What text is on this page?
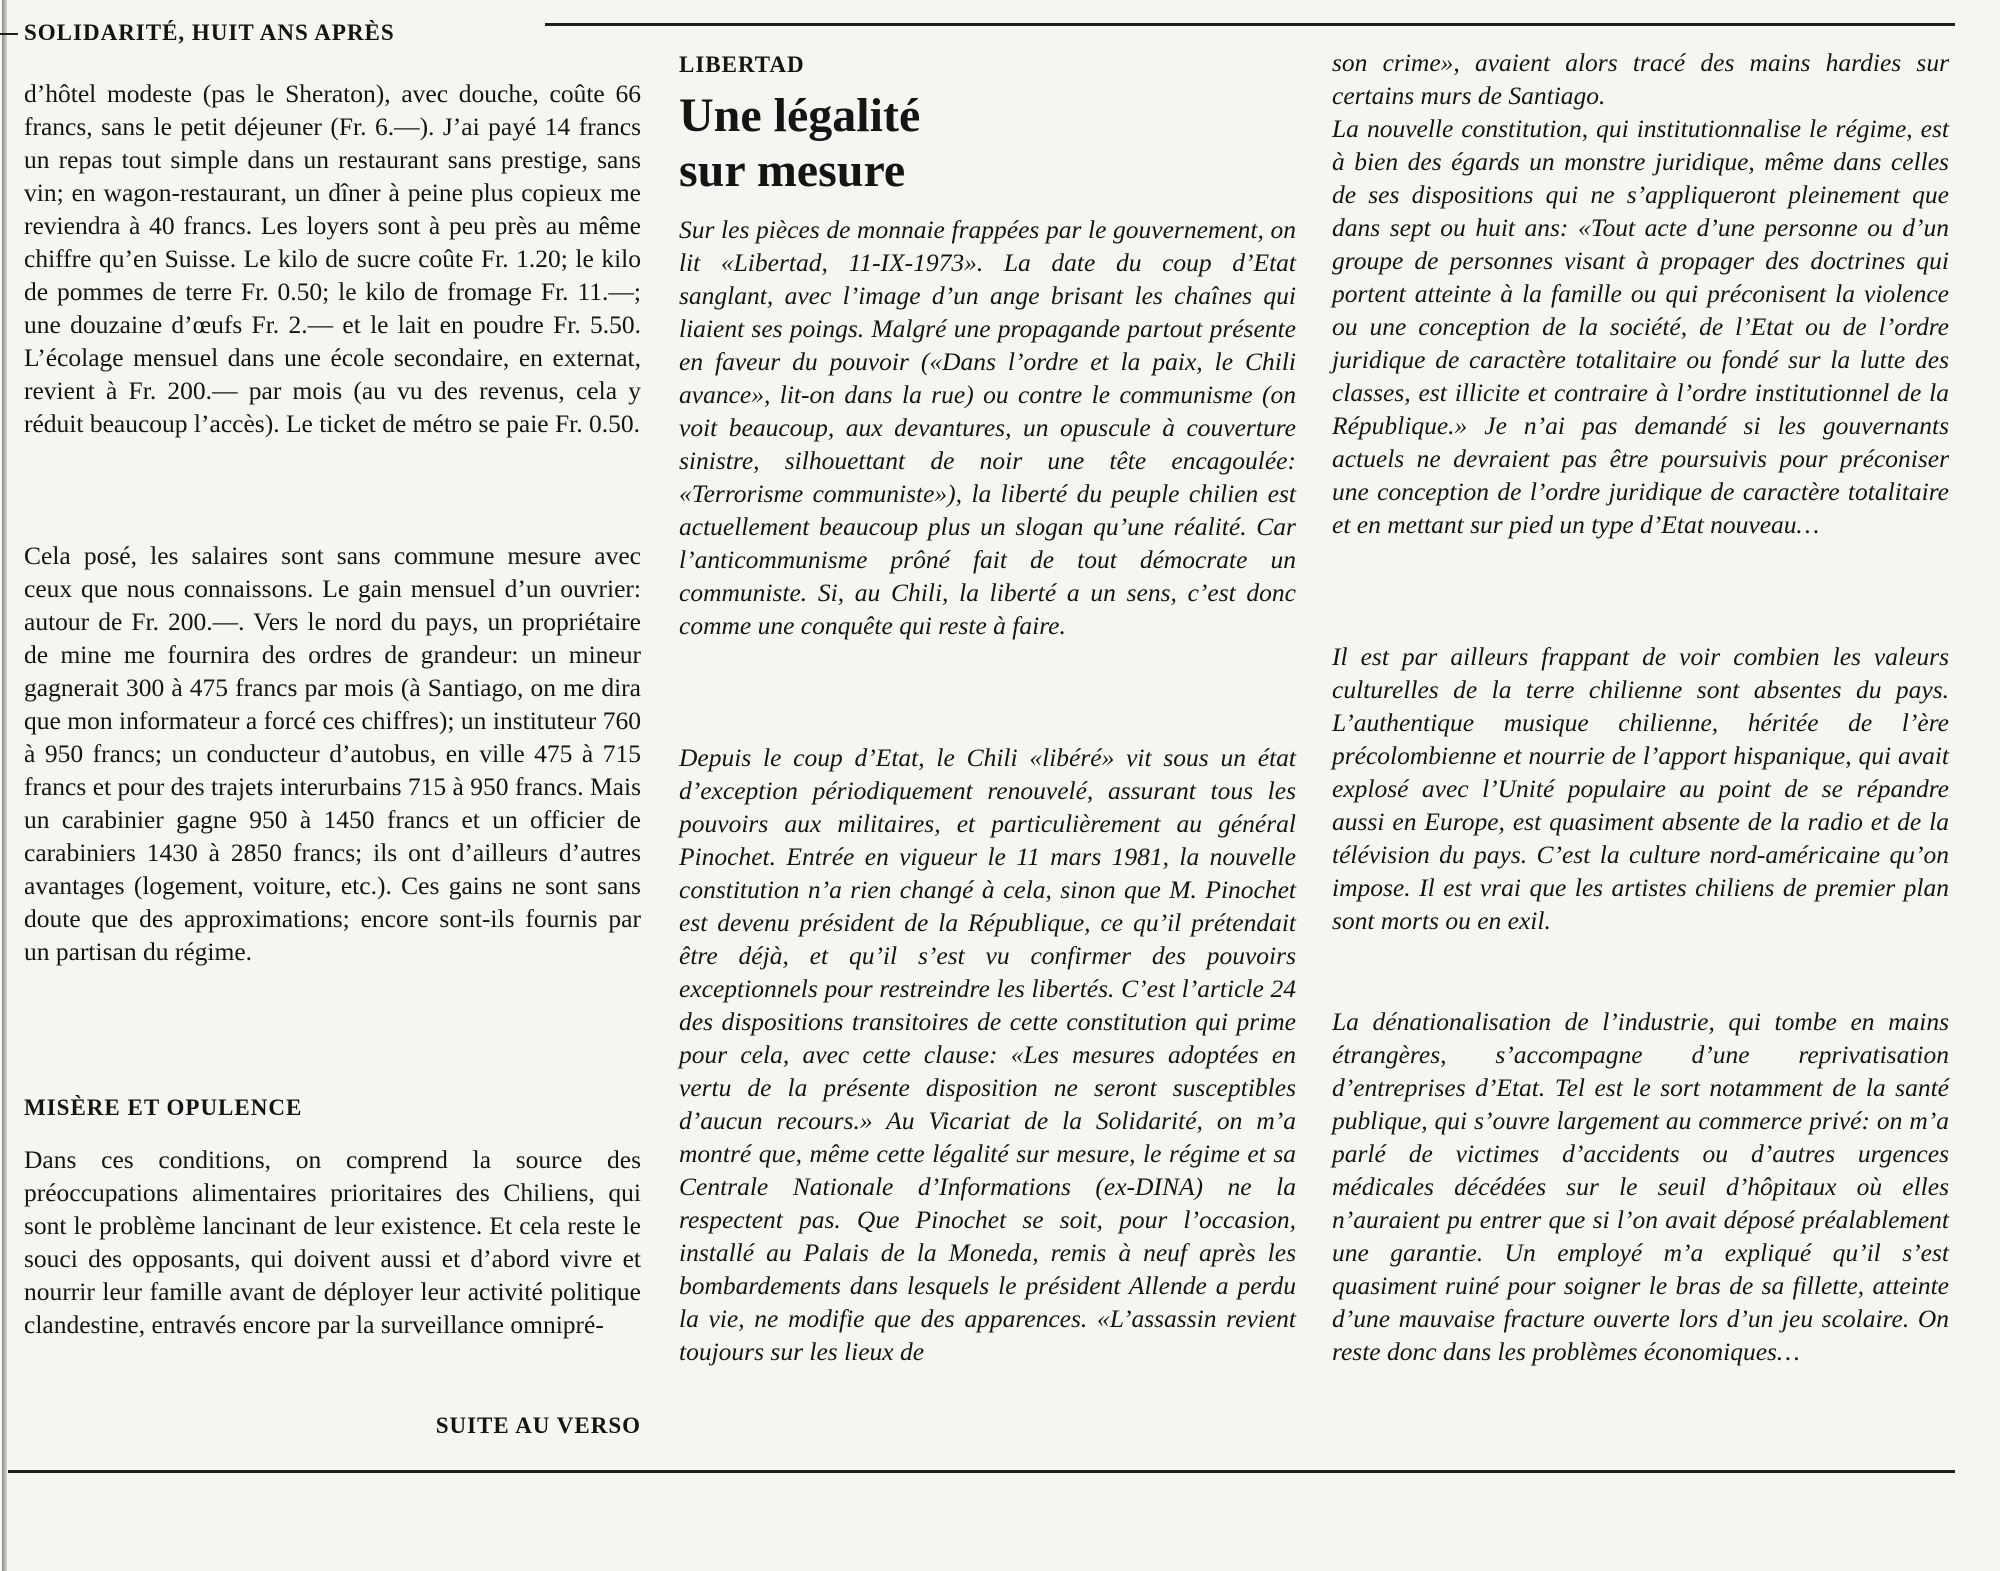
SOLIDARITÉ, HUIT ANS APRÈS

d’hôtel modeste (pas le Sheraton), avec douche, coûte 66 francs, sans le petit déjeuner (Fr. 6.—). J’ai payé 14 francs un repas tout simple dans un restaurant sans prestige, sans vin; en wagon-restaurant, un dîner à peine plus copieux me reviendra à 40 francs. Les loyers sont à peu près au même chiffre qu’en Suisse. Le kilo de sucre coûte Fr. 1.20; le kilo de pommes de terre Fr. 0.50; le kilo de fromage Fr. 11.—; une douzaine d’œufs Fr. 2.— et le lait en poudre Fr. 5.50. L’écolage mensuel dans une école secondaire, en externat, revient à Fr. 200.— par mois (au vu des revenus, cela y réduit beaucoup l’accès). Le ticket de métro se paie Fr. 0.50.

Cela posé, les salaires sont sans commune mesure avec ceux que nous connaissons. Le gain mensuel d’un ouvrier: autour de Fr. 200.—. Vers le nord du pays, un propriétaire de mine me fournira des ordres de grandeur: un mineur gagnerait 300 à 475 francs par mois (à Santiago, on me dira que mon informateur a forcé ces chiffres); un instituteur 760 à 950 francs; un conducteur d’autobus, en ville 475 à 715 francs et pour des trajets interurbains 715 à 950 francs. Mais un carabinier gagne 950 à 1450 francs et un officier de carabiniers 1430 à 2850 francs; ils ont d’ailleurs d’autres avantages (logement, voiture, etc.). Ces gains ne sont sans doute que des approximations; encore sont-ils fournis par un partisan du régime.

MISÈRE ET OPULENCE

Dans ces conditions, on comprend la source des préoccupations alimentaires prioritaires des Chiliens, qui sont le problème lancinant de leur existence. Et cela reste le souci des opposants, qui doivent aussi et d’abord vivre et nourrir leur famille avant de déployer leur activité politique clandestine, entravés encore par la surveillance omnipré-

SUITE AU VERSO
LIBERTAD
Une légalité
sur mesure

Sur les pièces de monnaie frappées par le gouvernement, on lit «Libertad, 11-IX-1973». La date du coup d’Etat sanglant, avec l’image d’un ange brisant les chaînes qui liaient ses poings. Malgré une propagande partout présente en faveur du pouvoir («Dans l’ordre et la paix, le Chili avance», lit-on dans la rue) ou contre le communisme (on voit beaucoup, aux devantures, un opuscule à couverture sinistre, silhouettant de noir une tête encagoulée: «Terrorisme communiste»), la liberté du peuple chilien est actuellement beaucoup plus un slogan qu’une réalité. Car l’anticommunisme prôné fait de tout démocrate un communiste. Si, au Chili, la liberté a un sens, c’est donc comme une conquête qui reste à faire.

Depuis le coup d’Etat, le Chili «libéré» vit sous un état d’exception périodiquement renouvelé, assurant tous les pouvoirs aux militaires, et particulièrement au général Pinochet. Entrée en vigueur le 11 mars 1981, la nouvelle constitution n’a rien changé à cela, sinon que M. Pinochet est devenu président de la République, ce qu’il prétendait être déjà, et qu’il s’est vu confirmer des pouvoirs exceptionnels pour restreindre les libertés. C’est l’article 24 des dispositions transitoires de cette constitution qui prime pour cela, avec cette clause: «Les mesures adoptées en vertu de la présente disposition ne seront susceptibles d’aucun recours.» Au Vicariat de la Solidarité, on m’a montré que, même cette légalité sur mesure, le régime et sa Centrale Nationale d’Informations (ex-DINA) ne la respectent pas. Que Pinochet se soit, pour l’occasion, installé au Palais de la Moneda, remis à neuf après les bombardements dans lesquels le président Allende a perdu la vie, ne modifie que des apparences. «L’assassin revient toujours sur les lieux de

son crime», avaient alors tracé des mains hardies sur certains murs de Santiago.

La nouvelle constitution, qui institutionnalise le régime, est à bien des égards un monstre juridique, même dans celles de ses dispositions qui ne s’appliqueront pleinement que dans sept ou huit ans: «Tout acte d’une personne ou d’un groupe de personnes visant à propager des doctrines qui portent atteinte à la famille ou qui préconisent la violence ou une conception de la société, de l’Etat ou de l’ordre juridique de caractère totalitaire ou fondé sur la lutte des classes, est illicite et contraire à l’ordre institutionnel de la République.» Je n’ai pas demandé si les gouvernants actuels ne devraient pas être poursuivis pour préconiser une conception de l’ordre juridique de caractère totalitaire et en mettant sur pied un type d’Etat nouveau…

Il est par ailleurs frappant de voir combien les valeurs culturelles de la terre chilienne sont absentes du pays. L’authentique musique chilienne, héritée de l’ère précolombienne et nourrie de l’apport hispanique, qui avait explosé avec l’Unité populaire au point de se répandre aussi en Europe, est quasiment absente de la radio et de la télévision du pays. C’est la culture nord-américaine qu’on impose. Il est vrai que les artistes chiliens de premier plan sont morts ou en exil.

La dénationalisation de l’industrie, qui tombe en mains étrangères, s’accompagne d’une reprivatisation d’entreprises d’Etat. Tel est le sort notamment de la santé publique, qui s’ouvre largement au commerce privé: on m’a parlé de victimes d’accidents ou d’autres urgences médicales décédées sur le seuil d’hôpitaux où elles n’auraient pu entrer que si l’on avait déposé préalablement une garantie. Un employé m’a expliqué qu’il s’est quasiment ruiné pour soigner le bras de sa fillette, atteinte d’une mauvaise fracture ouverte lors d’un jeu scolaire. On reste donc dans les problèmes économiques…
